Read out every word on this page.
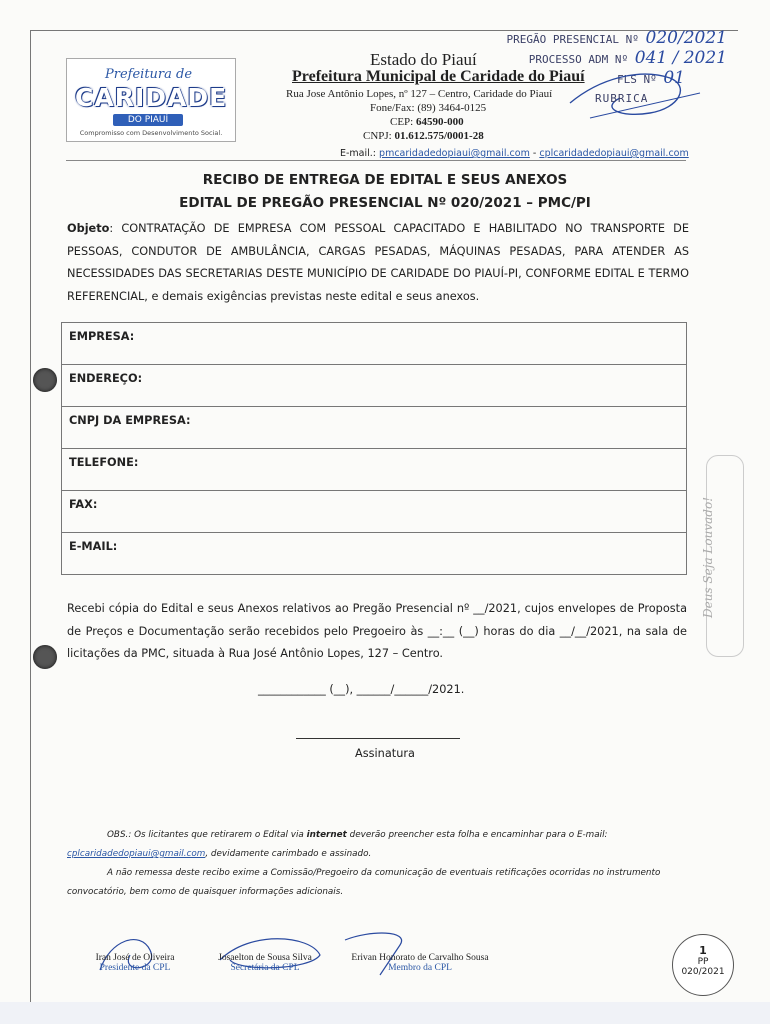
PREGÃO PRESENCIAL Nº 020/2021
PROCESSO ADM Nº 041 / 2021
FLS Nº 01
RUBRICA
Prefeitura de
CARIDADE
DO PIAUÍ
Compromisso com Desenvolvimento Social.
Estado do Piauí
Prefeitura Municipal de Caridade do Piauí
Rua Jose Antônio Lopes, nº 127 – Centro, Caridade do Piauí
Fone/Fax: (89) 3464-0125
CEP: 64590-000
CNPJ: 01.612.575/0001-28
E-mail.: pmcaridadedopiaui@gmail.com - cplcaridadedopiaui@gmail.com
RECIBO DE ENTREGA DE EDITAL E SEUS ANEXOS
EDITAL DE PREGÃO PRESENCIAL Nº 020/2021 – PMC/PI
Objeto: CONTRATAÇÃO DE EMPRESA COM PESSOAL CAPACITADO E HABILITADO NO TRANSPORTE DE PESSOAS, CONDUTOR DE AMBULÂNCIA, CARGAS PESADAS, MÁQUINAS PESADAS, PARA ATENDER AS NECESSIDADES DAS SECRETARIAS DESTE MUNICÍPIO DE CARIDADE DO PIAUÍ-PI, CONFORME EDITAL E TERMO REFERENCIAL, e demais exigências previstas neste edital e seus anexos.
EMPRESA:
ENDEREÇO:
CNPJ DA EMPRESA:
TELEFONE:
FAX:
E-MAIL:
Recebi cópia do Edital e seus Anexos relativos ao Pregão Presencial nº __/2021, cujos envelopes de Proposta de Preços e Documentação serão recebidos pelo Pregoeiro às __:__ (__) horas do dia __/__/2021, na sala de licitações da PMC, situada à Rua José Antônio Lopes, 127 – Centro.
____________ (__), ______/______/2021.
Assinatura
OBS.: Os licitantes que retirarem o Edital via internet deverão preencher esta folha e encaminhar para o E-mail: cplcaridadedopiaui@gmail.com, devidamente carimbado e assinado.
A não remessa deste recibo exime a Comissão/Pregoeiro da comunicação de eventuais retificações ocorridas no instrumento convocatório, bem como de quaisquer informações adicionais.
Iran José de Oliveira
Presidente da CPL
Josaelton de Sousa Silva
Secretária da CPL
Erivan Honorato de Carvalho Sousa
Membro da CPL
1
PP
020/2021
Deus Seja Louvado!
